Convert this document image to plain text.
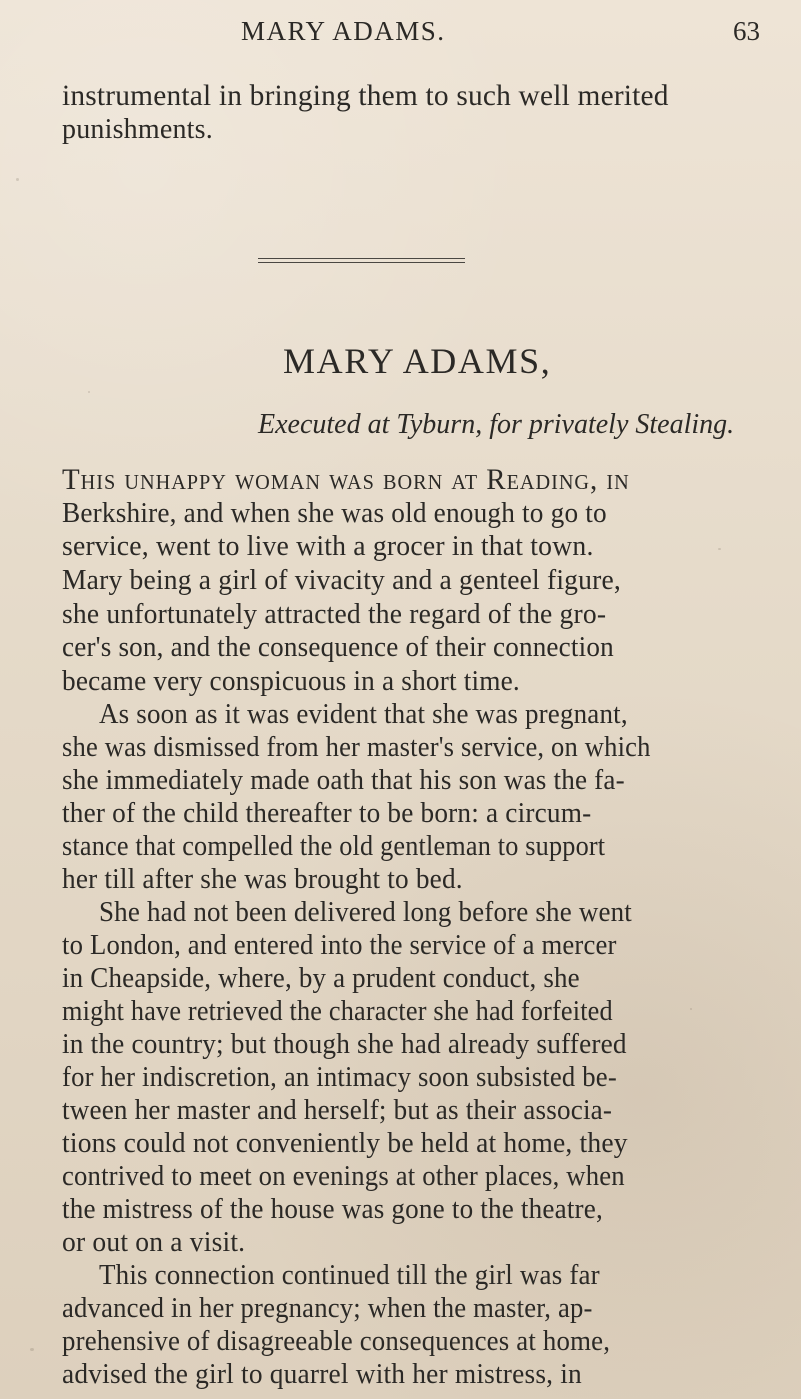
MARY ADAMS.	63
instrumental in bringing them to such well merited
punishments.
MARY ADAMS,
Executed at Tyburn, for privately Stealing.
This unhappy woman was born at Reading, in
Berkshire, and when she was old enough to go to
service, went to live with a grocer in that town.
Mary being a girl of vivacity and a genteel figure,
she unfortunately attracted the regard of the gro-
cer's son, and the consequence of their connection
became very conspicuous in a short time.
As soon as it was evident that she was pregnant,
she was dismissed from her master's service, on which
she immediately made oath that his son was the fa-
ther of the child thereafter to be born: a circum-
stance that compelled the old gentleman to support
her till after she was brought to bed.
She had not been delivered long before she went
to London, and entered into the service of a mercer
in Cheapside, where, by a prudent conduct, she
might have retrieved the character she had forfeited
in the country; but though she had already suffered
for her indiscretion, an intimacy soon subsisted be-
tween her master and herself; but as their associa-
tions could not conveniently be held at home, they
contrived to meet on evenings at other places, when
the mistress of the house was gone to the theatre,
or out on a visit.
This connection continued till the girl was far
advanced in her pregnancy; when the master, ap-
prehensive of disagreeable consequences at home,
advised the girl to quarrel with her mistress, in
